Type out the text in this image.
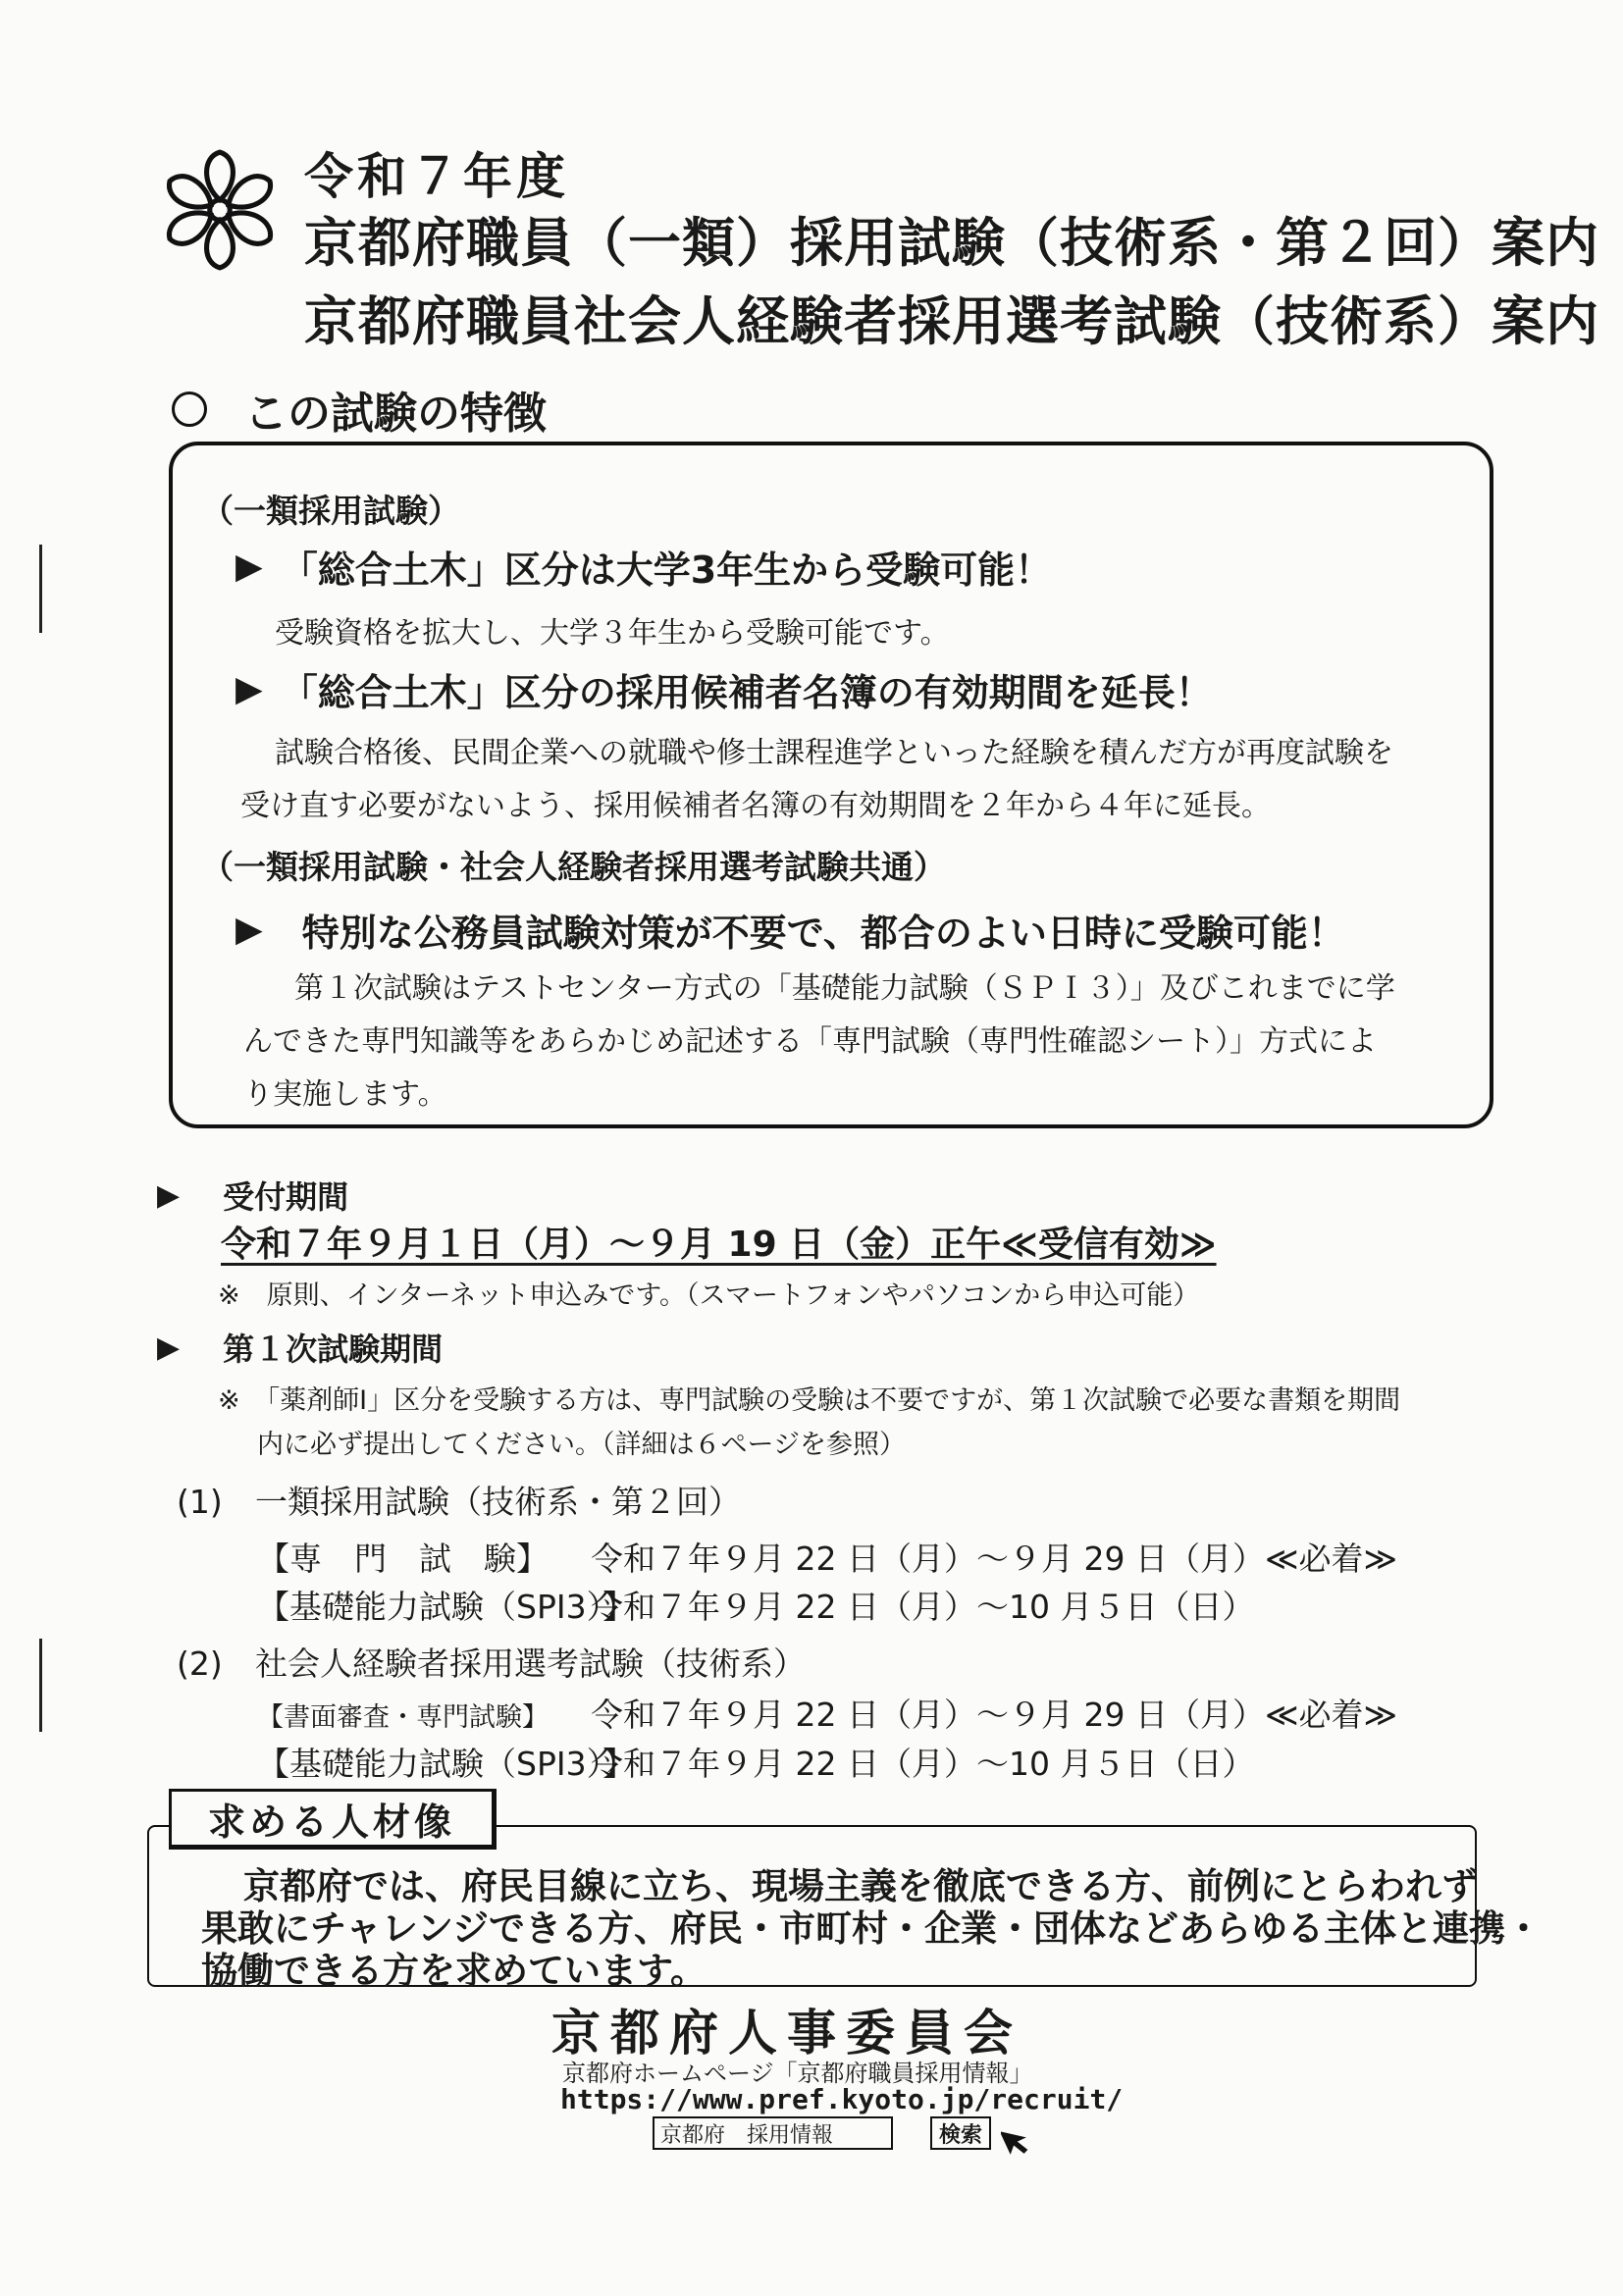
令和７年度
京都府職員（一類）採用試験（技術系・第２回）案内
京都府職員社会人経験者採用選考試験（技術系）案内
この試験の特徴
（一類採用試験）
▶ 「総合土木」区分は大学3年生から受験可能！
受験資格を拡大し、大学３年生から受験可能です。
▶ 「総合土木」区分の採用候補者名簿の有効期間を延長！
試験合格後、民間企業への就職や修士課程進学といった経験を積んだ方が再度試験を
受け直す必要がないよう、採用候補者名簿の有効期間を２年から４年に延長。
（一類採用試験・社会人経験者採用選考試験共通）
▶ 特別な公務員試験対策が不要で、都合のよい日時に受験可能！
第１次試験はテストセンター方式の「基礎能力試験（ＳＰＩ３）」及びこれまでに学
んできた専門知識等をあらかじめ記述する「専門試験（専門性確認シート）」方式によ
り実施します。
▶ 受付期間
令和７年９月１日（月）～９月 19 日（金）正午≪受信有効≫
※　原則、インターネット申込みです。（スマートフォンやパソコンから申込可能）
▶ 第１次試験期間
※　「薬剤師Ⅰ」区分を受験する方は、専門試験の受験は不要ですが、第１次試験で必要な書類を期間
内に必ず提出してください。（詳細は６ページを参照）
(1) 一類採用試験（技術系・第２回）
【専　門　試　験】 令和７年９月 22 日（月）～９月 29 日（月）≪必着≫
【基礎能力試験（SPI3）】令和７年９月 22 日（月）～10 月５日（日）
(2) 社会人経験者採用選考試験（技術系）
【書面審査・専門試験】 令和７年９月 22 日（月）～９月 29 日（月）≪必着≫
【基礎能力試験（SPI3）】令和７年９月 22 日（月）～10 月５日（日）
求める人材像
京都府では、府民目線に立ち、現場主義を徹底できる方、前例にとらわれず
果敢にチャレンジできる方、府民・市町村・企業・団体などあらゆる主体と連携・
協働できる方を求めています。
京都府人事委員会
京都府ホームページ「京都府職員採用情報」
https://www.pref.kyoto.jp/recruit/
京都府　採用情報	検索
